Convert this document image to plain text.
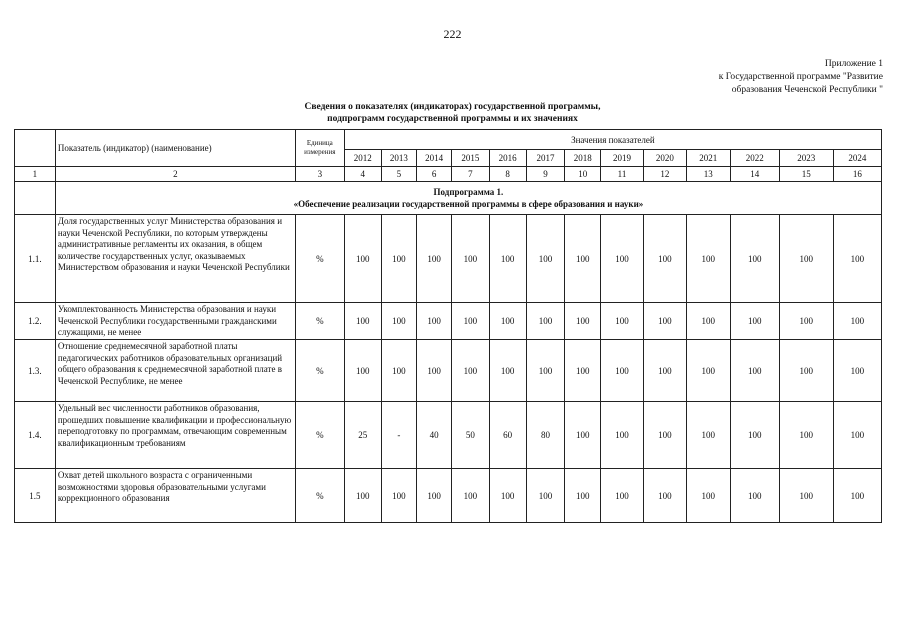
222
Приложение 1
к Государственной программе "Развитие
образования Чеченской Республики "
Сведения о показателях (индикаторах) государственной программы,
подпрограмм государственной программы и их значениях
	Показатель (индикатор) (наименование)	Единица измерения	Значения показателей												
			2012	2013	2014	2015	2016	2017	2018	2019	2020	2021	2022	2023	2024
1	2	3	4	5	6	7	8	9	10	11	12	13	14	15	16

	Подпрограмма 1.
«Обеспечение реализации государственной программы в сфере образования и науки»														

1.1.	Доля государственных услуг Министерства образования и науки Чеченской Республики, по которым утверждены административные регламенты их оказания, в общем количестве государственных услуг, оказываемых Министерством образования и науки Чеченской Республики	%	100	100	100	100	100	100	100	100	100	100	100	100	100
1.2.	Укомплектованность Министерства образования и науки Чеченской Республики государственными гражданскими служащими, не менее	%	100	100	100	100	100	100	100	100	100	100	100	100	100
1.3.	Отношение среднемесячной заработной платы педагогических работников образовательных организаций общего образования к среднемесячной заработной плате в Чеченской Республике, не менее	%	100	100	100	100	100	100	100	100	100	100	100	100	100
1.4.	Удельный вес численности работников образования, прошедших повышение квалификации и профессиональную переподготовку по программам, отвечающим современным квалификационным требованиям	%	25	-	40	50	60	80	100	100	100	100	100	100	100
1.5	Охват детей школьного возраста с ограниченными возможностями здоровья образовательными услугами коррекционного образования	%	100	100	100	100	100	100	100	100	100	100	100	100	100
